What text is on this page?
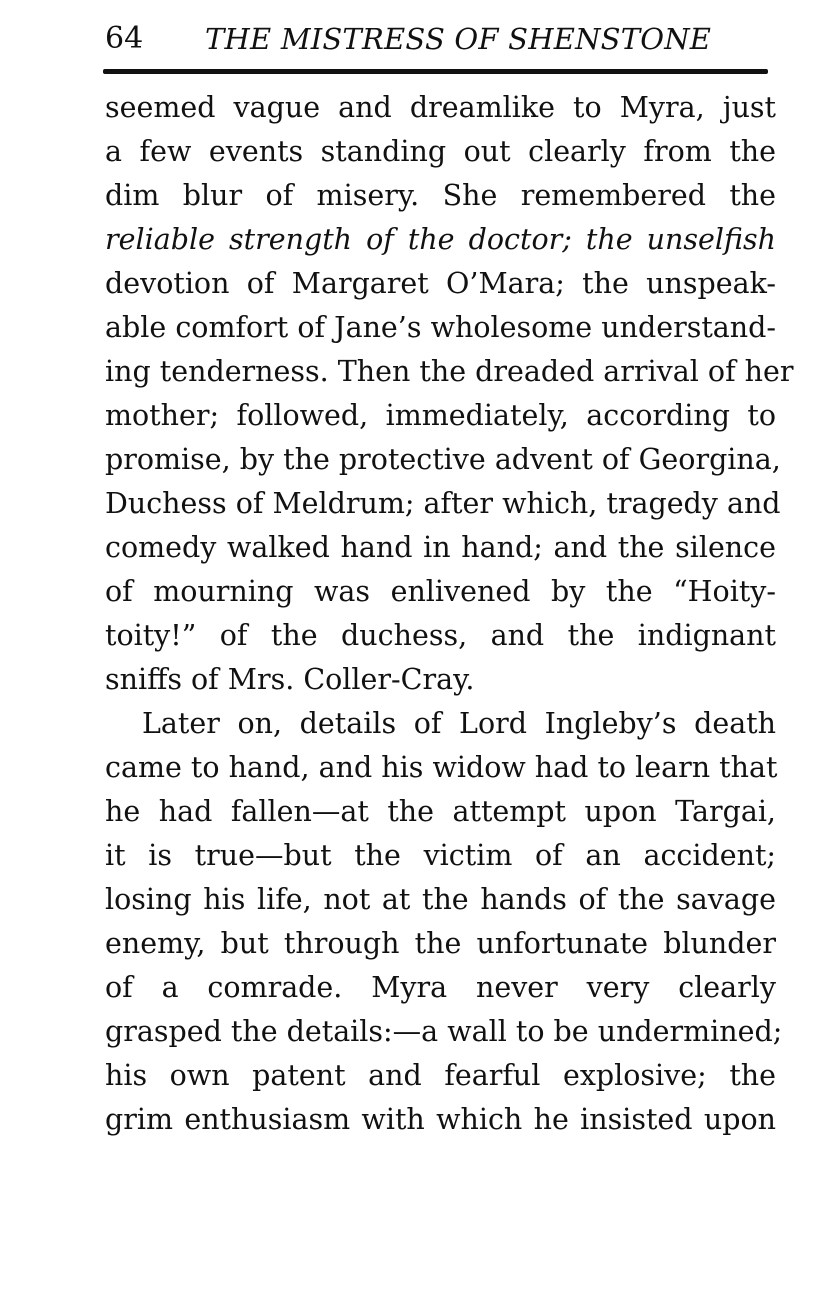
64 THE MISTRESS OF SHENSTONE
seemed vague and dreamlike to Myra, just
a few events standing out clearly from the
dim blur of misery. She remembered the
reliable strength of the doctor; the unselfish
devotion of Margaret O’Mara; the unspeak-
able comfort of Jane’s wholesome understand-
ing tenderness. Then the dreaded arrival of her
mother; followed, immediately, according to
promise, by the protective advent of Georgina,
Duchess of Meldrum; after which, tragedy and
comedy walked hand in hand; and the silence
of mourning was enlivened by the “Hoity-
toity!” of the duchess, and the indignant
sniffs of Mrs. Coller-Cray.
Later on, details of Lord Ingleby’s death
came to hand, and his widow had to learn that
he had fallen—at the attempt upon Targai,
it is true—but the victim of an accident;
losing his life, not at the hands of the savage
enemy, but through the unfortunate blunder
of a comrade. Myra never very clearly
grasped the details:—a wall to be undermined;
his own patent and fearful explosive; the
grim enthusiasm with which he insisted upon
